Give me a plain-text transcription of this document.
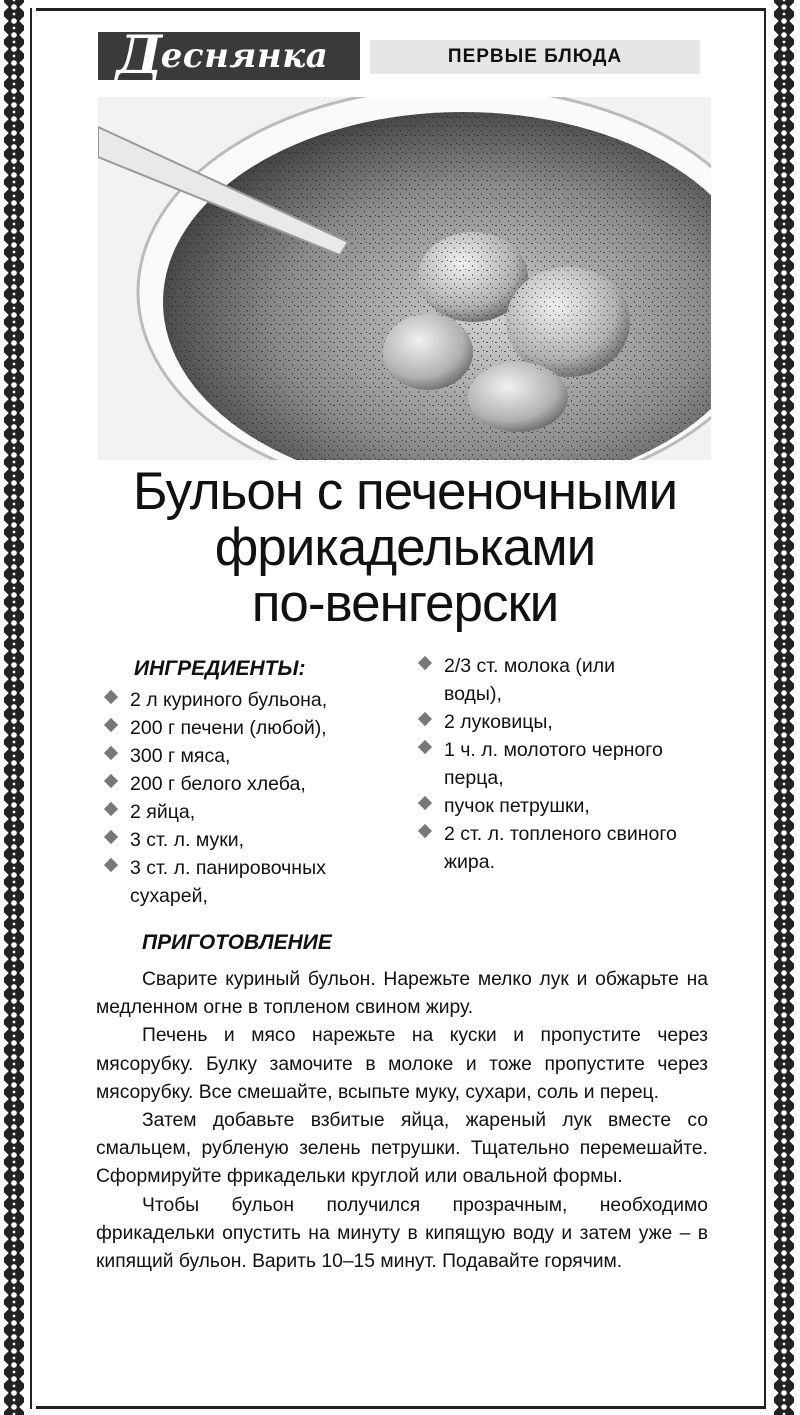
Деснянка	ПЕРВЫЕ БЛЮДА
Бульон с печеночными
фрикадельками
по-венгерски
ИНГРЕДИЕНТЫ:
2 л куриного бульона,
200 г печени (любой),
300 г мяса,
200 г белого хлеба,
2 яйца,
3 ст. л. муки,
3 ст. л. панировочных сухарей,
2/3 ст. молока (или воды),
2 луковицы,
1 ч. л. молотого черного перца,
пучок петрушки,
2 ст. л. топленого свиного жира.
ПРИГОТОВЛЕНИЕ

Сварите куриный бульон. Нарежьте мелко лук и обжарьте на медленном огне в топленом свином жиру.

Печень и мясо нарежьте на куски и пропустите через мясорубку. Булку замочите в молоке и тоже пропустите через мясорубку. Все смешайте, всыпьте муку, сухари, соль и перец.

Затем добавьте взбитые яйца, жареный лук вместе со смальцем, рубленую зелень петрушки. Тщательно перемешайте. Сформируйте фрикадельки круглой или овальной формы.

Чтобы бульон получился прозрачным, необходимо фрикадельки опустить на минуту в кипящую воду и затем уже – в кипящий бульон. Варить 10–15 минут. Подавайте горячим.
